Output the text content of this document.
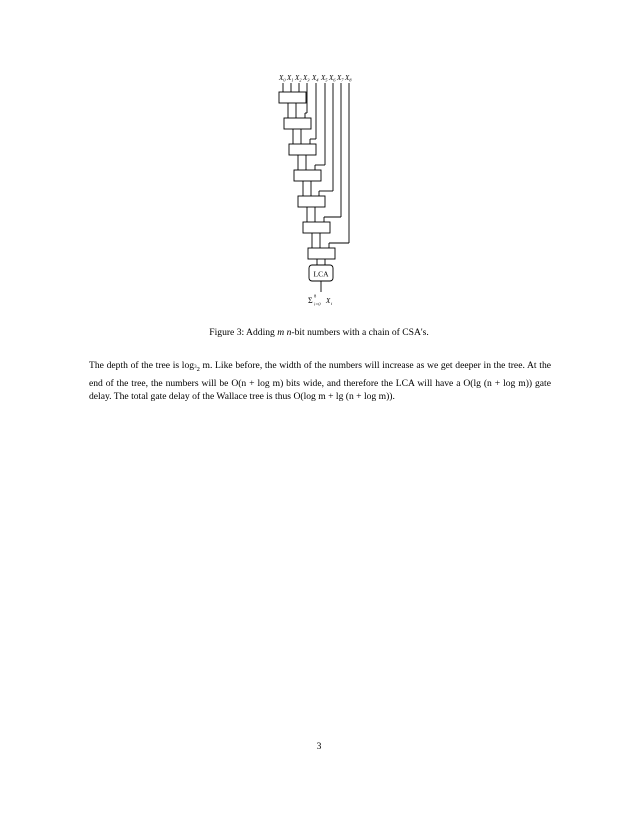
$X_0$ $X_1$ $X_2$ $X_3$ $X_4$ $X_5$ $X_6$ $X_7$ $X_8$
LCA
Σ 8
i=0 X i
Figure 3: Adding m n-bit numbers with a chain of CSA's.
The depth of the tree is $\log_{^32} m$. Like before, the width of the numbers will increase as we get deeper in the tree. At the end of the tree, the numbers will be O(n + log m) bits wide, and therefore the LCA will have a O(lg (n + log m)) gate delay. The total gate delay of the Wallace tree is thus O(log m + lg (n + log m)).
3
